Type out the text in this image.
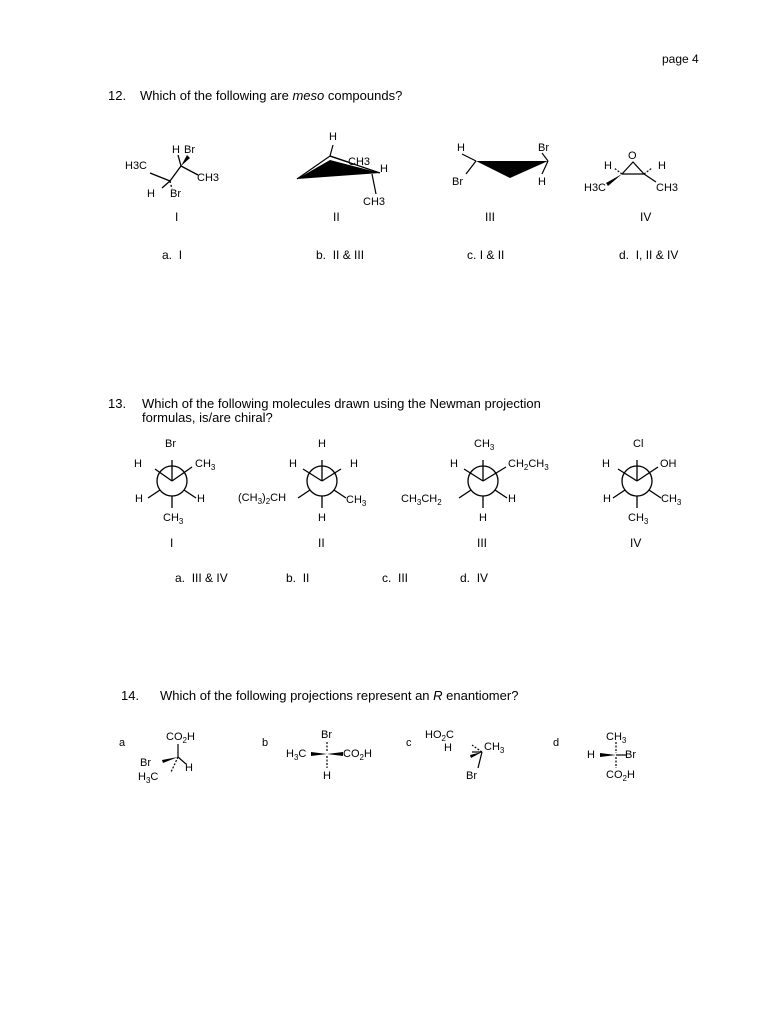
page 4
12. Which of the following are meso compounds?
H Br
H3C
CH3
H Br
I
H
CH3
H
CH3
II
H	Br
Br	H
III
O
H	H
H3C	CH3
IV
a. I	b. II & III	c. I & II	d. I, II & IV
13. Which of the following molecules drawn using the Newman projection
formulas, is/are chiral?
Br
H	$CH_3$
H	H
$CH_3$
I
H
H	H
$(CH_3)_2CH$	$CH_3$
H
II
$CH_3$
H	$CH_2CH_3$
$CH_3CH_2$	H
H
III
Cl
H	OH
H	$CH_3$
$CH_3$
IV
a. III & IV	b. II	c. III	d. IV
14. Which of the following projections represent an R enantiomer?
a	$CO_2H$
Br	H
$H_3C$
b
Br
$H_3C$	$CO_2H$
H
c
$HO_2C$
H	$CH_3$
Br
d	$CH_3$
H	Br
$CO_2H$
